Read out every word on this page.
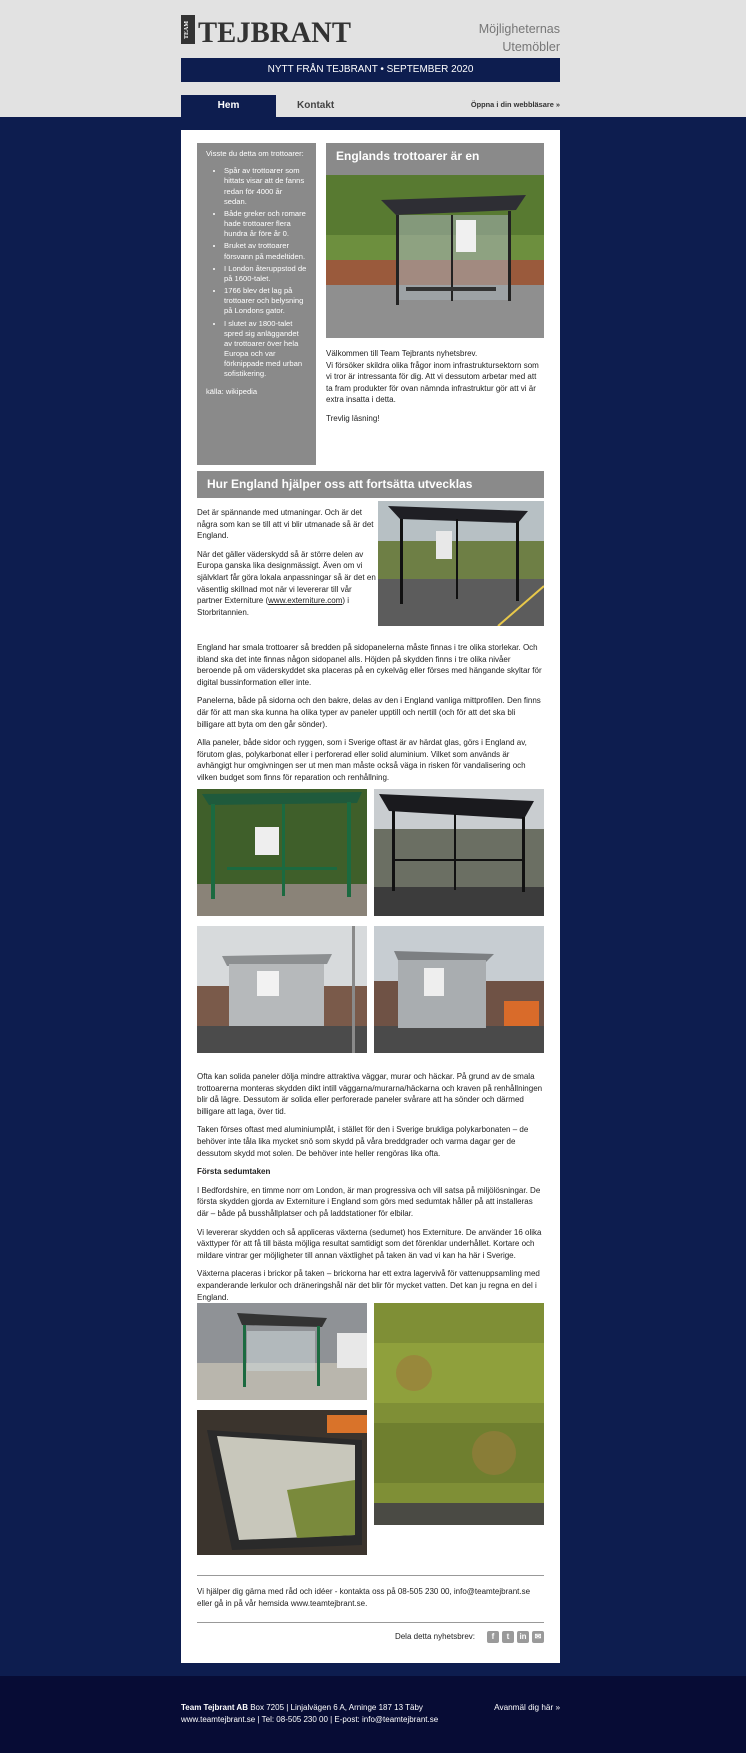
TEAM TEJBRANT	Möjligheternas Utemöbler
NYTT FRÅN TEJBRANT • SEPTEMBER 2020
Hem	Kontakt	Öppna i din webbläsare »
Visste du detta om trottoarer:
• Spår av trottoarer som hittats visar att de fanns redan för 4000 år sedan.
• Både greker och romare hade trottoarer flera hundra år före år 0.
• Bruket av trottoarer försvann på medeltiden.
• I London återuppstod de på 1600-talet.
• 1766 blev det lag på trottoarer och belysning på Londons gator.
• I slutet av 1800-talet spred sig anläggandet av trottoarer över hela Europa och var förknippade med urban sofistikering.
källa: wikipedia
Englands trottoarer är en

Välkommen till Team Tejbrants nyhetsbrev.
Vi försöker skildra olika frågor inom infrastruktursektorn som vi tror är intressanta för dig. Att vi dessutom arbetar med att ta fram produkter för ovan nämnda infrastruktur gör att vi är extra insatta i detta.

Trevlig läsning!

Hur England hjälper oss att fortsätta utvecklas

Det är spännande med utmaningar. Och är det några som kan se till att vi blir utmanade så är det England.

När det gäller väderskydd så är större delen av Europa ganska lika designmässigt. Även om vi självklart får göra lokala anpassningar så är det en väsentlig skillnad mot när vi levererar till vår partner Externiture (www.externiture.com) i Storbritannien.

England har smala trottoarer så bredden på sidopanelerna måste finnas i tre olika storlekar. Och ibland ska det inte finnas någon sidopanel alls. Höjden på skydden finns i tre olika nivåer beroende på om väderskyddet ska placeras på en cykelväg eller förses med hängande skyltar för digital bussinformation eller inte.

Panelerna, både på sidorna och den bakre, delas av den i England vanliga mittprofilen. Den finns där för att man ska kunna ha olika typer av paneler upptill och nertill (och för att det ska bli billigare att byta om den går sönder).

Alla paneler, både sidor och ryggen, som i Sverige oftast är av härdat glas, görs i England av, förutom glas, polykarbonat eller i perforerad eller solid aluminium. Vilket som används är avhängigt hur omgivningen ser ut men man måste också väga in risken för vandalisering och vilken budget som finns för reparation och renhållning.

Ofta kan solida paneler dölja mindre attraktiva väggar, murar och häckar. På grund av de smala trottoarerna monteras skydden dikt intill väggarna/murarna/häckarna och kraven på renhållningen blir då lägre. Dessutom är solida eller perforerade paneler svårare att ha sönder och därmed billigare att laga, över tid.

Taken förses oftast med aluminiumplåt, i stället för den i Sverige bruklіga polykarbonaten – de behöver inte tåla lika mycket snö som skydd på våra breddgrader och varma dagar ger de dessutom skydd mot solen. De behöver inte heller rengöras lika ofta.

Första sedumtaken

I Bedfordshire, en timme norr om London, är man progressiva och vill satsa på miljölösningar. De första skydden gjorda av Externiture i England som görs med sedumtak håller på att installeras där – både på busshållplatser och på laddstationer för elbilar.

Vi levererar skydden och så appliceras växterna (sedumet) hos Externiture. De använder 16 olika växttyper för att få till bästa möjliga resultat samtidigt som det förenklar underhållet. Kortare och mildare vintrar ger möjligheter till annan växtlighet på taken än vad vi kan ha här i Sverige.

Växterna placeras i brickor på taken – brickorna har ett extra lagervivå för vattenuppsamling med expanderande lerkulor och dräneringshål när det blir för mycket vatten. Det kan ju regna en del i England.

Vi hjälper dig gärna med råd och idéer - kontakta oss på 08-505 230 00, info@teamtejbrant.se eller gå in på vår hemsida www.teamtejbrant.se.

Dela detta nyhetsbrev:	f	t	in	✉
Team Tejbrant AB Box 7205 | Linjalvägen 6 A, Arninge 187 13 Täby
www.teamtejbrant.se | Tel: 08-505 230 00 | E-post: info@teamtejbrant.se
Avanmäl dig här »
